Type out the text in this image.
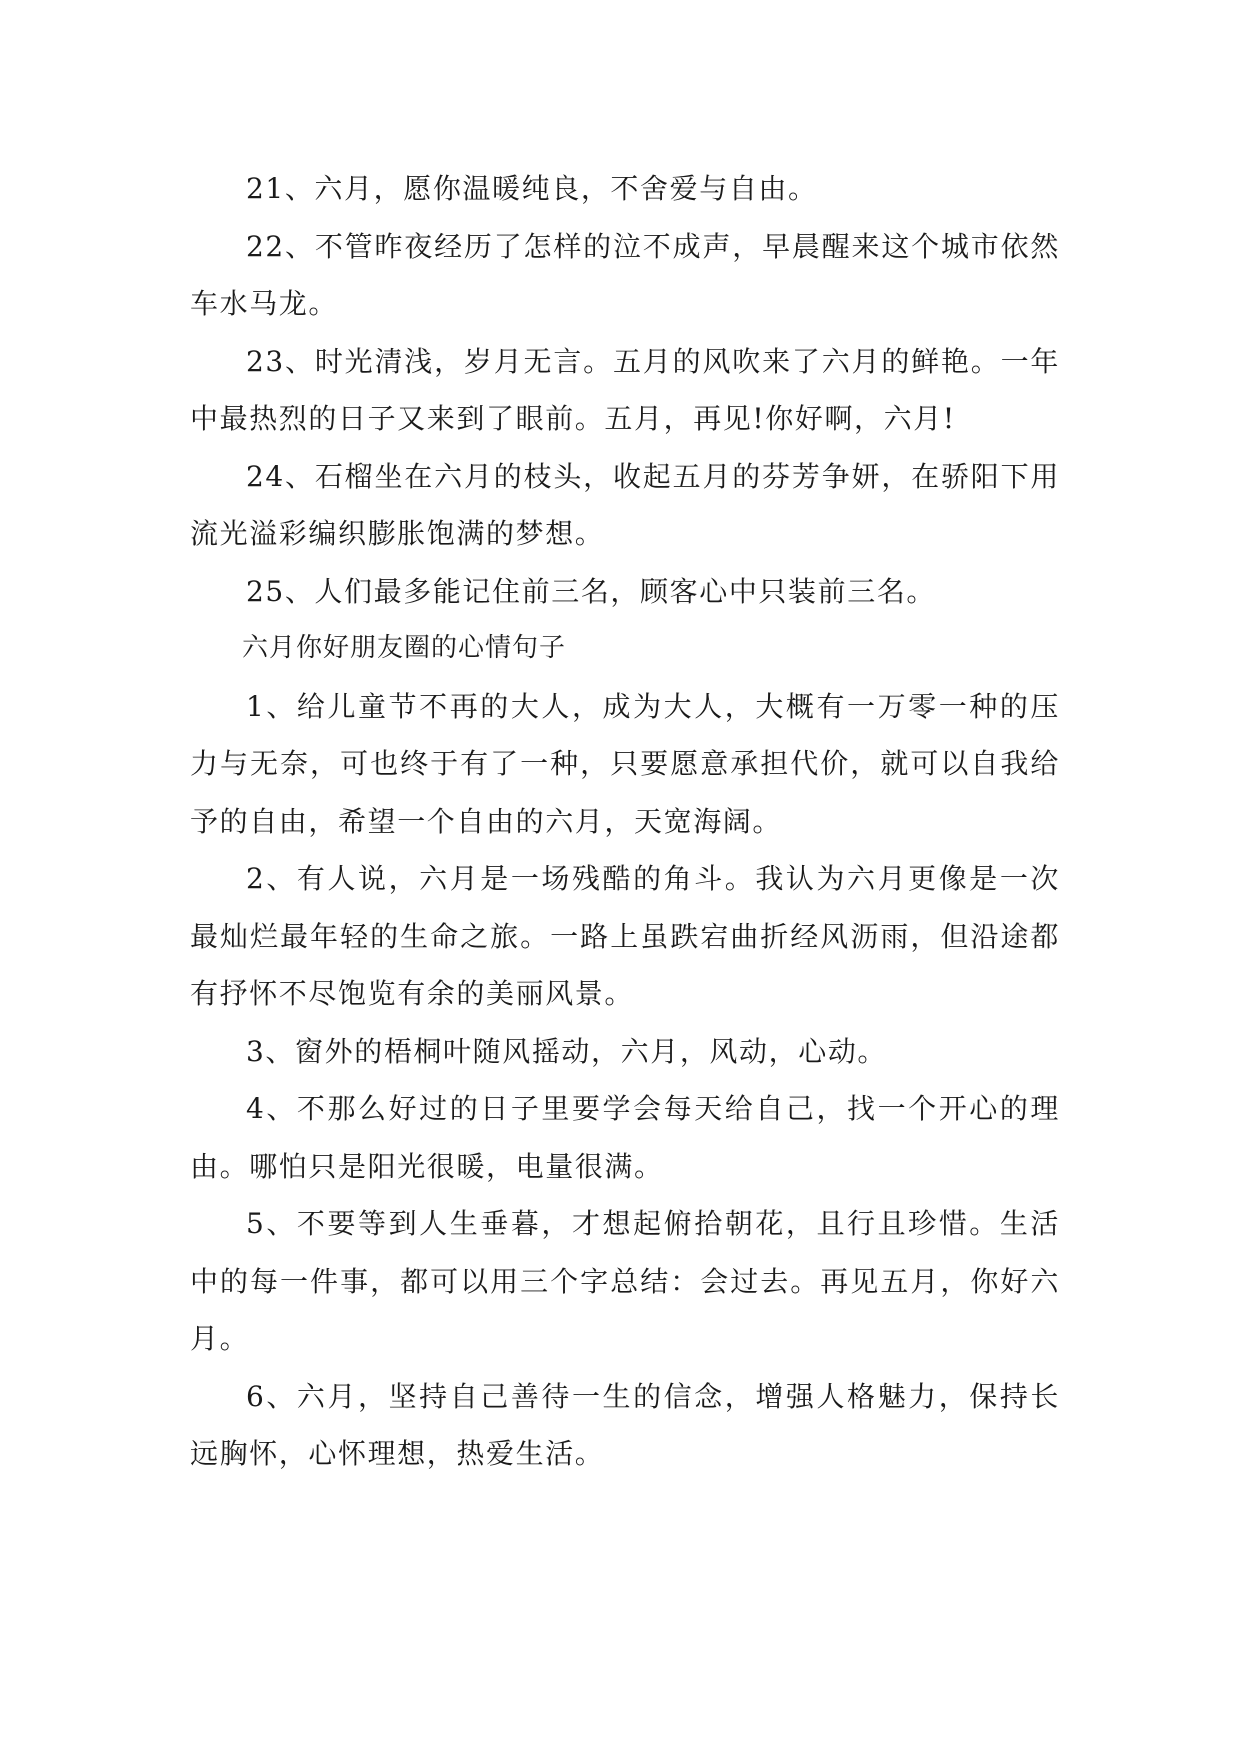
21、六月，愿你温暖纯良，不舍爱与自由。

22、不管昨夜经历了怎样的泣不成声，早晨醒来这个城市依然车水马龙。

23、时光清浅，岁月无言。五月的风吹来了六月的鲜艳。一年中最热烈的日子又来到了眼前。五月，再见!你好啊，六月!

24、石榴坐在六月的枝头，收起五月的芬芳争妍，在骄阳下用流光溢彩编织膨胀饱满的梦想。

25、人们最多能记住前三名，顾客心中只装前三名。

六月你好朋友圈的心情句子

1、给儿童节不再的大人，成为大人，大概有一万零一种的压力与无奈，可也终于有了一种，只要愿意承担代价，就可以自我给予的自由，希望一个自由的六月，天宽海阔。

2、有人说，六月是一场残酷的角斗。我认为六月更像是一次最灿烂最年轻的生命之旅。一路上虽跌宕曲折经风沥雨，但沿途都有抒怀不尽饱览有余的美丽风景。

3、窗外的梧桐叶随风摇动，六月，风动，心动。

4、不那么好过的日子里要学会每天给自己，找一个开心的理由。哪怕只是阳光很暖，电量很满。

5、不要等到人生垂暮，才想起俯拾朝花，且行且珍惜。生活中的每一件事，都可以用三个字总结：会过去。再见五月，你好六月。

6、六月，坚持自己善待一生的信念，增强人格魅力，保持长远胸怀，心怀理想，热爱生活。
